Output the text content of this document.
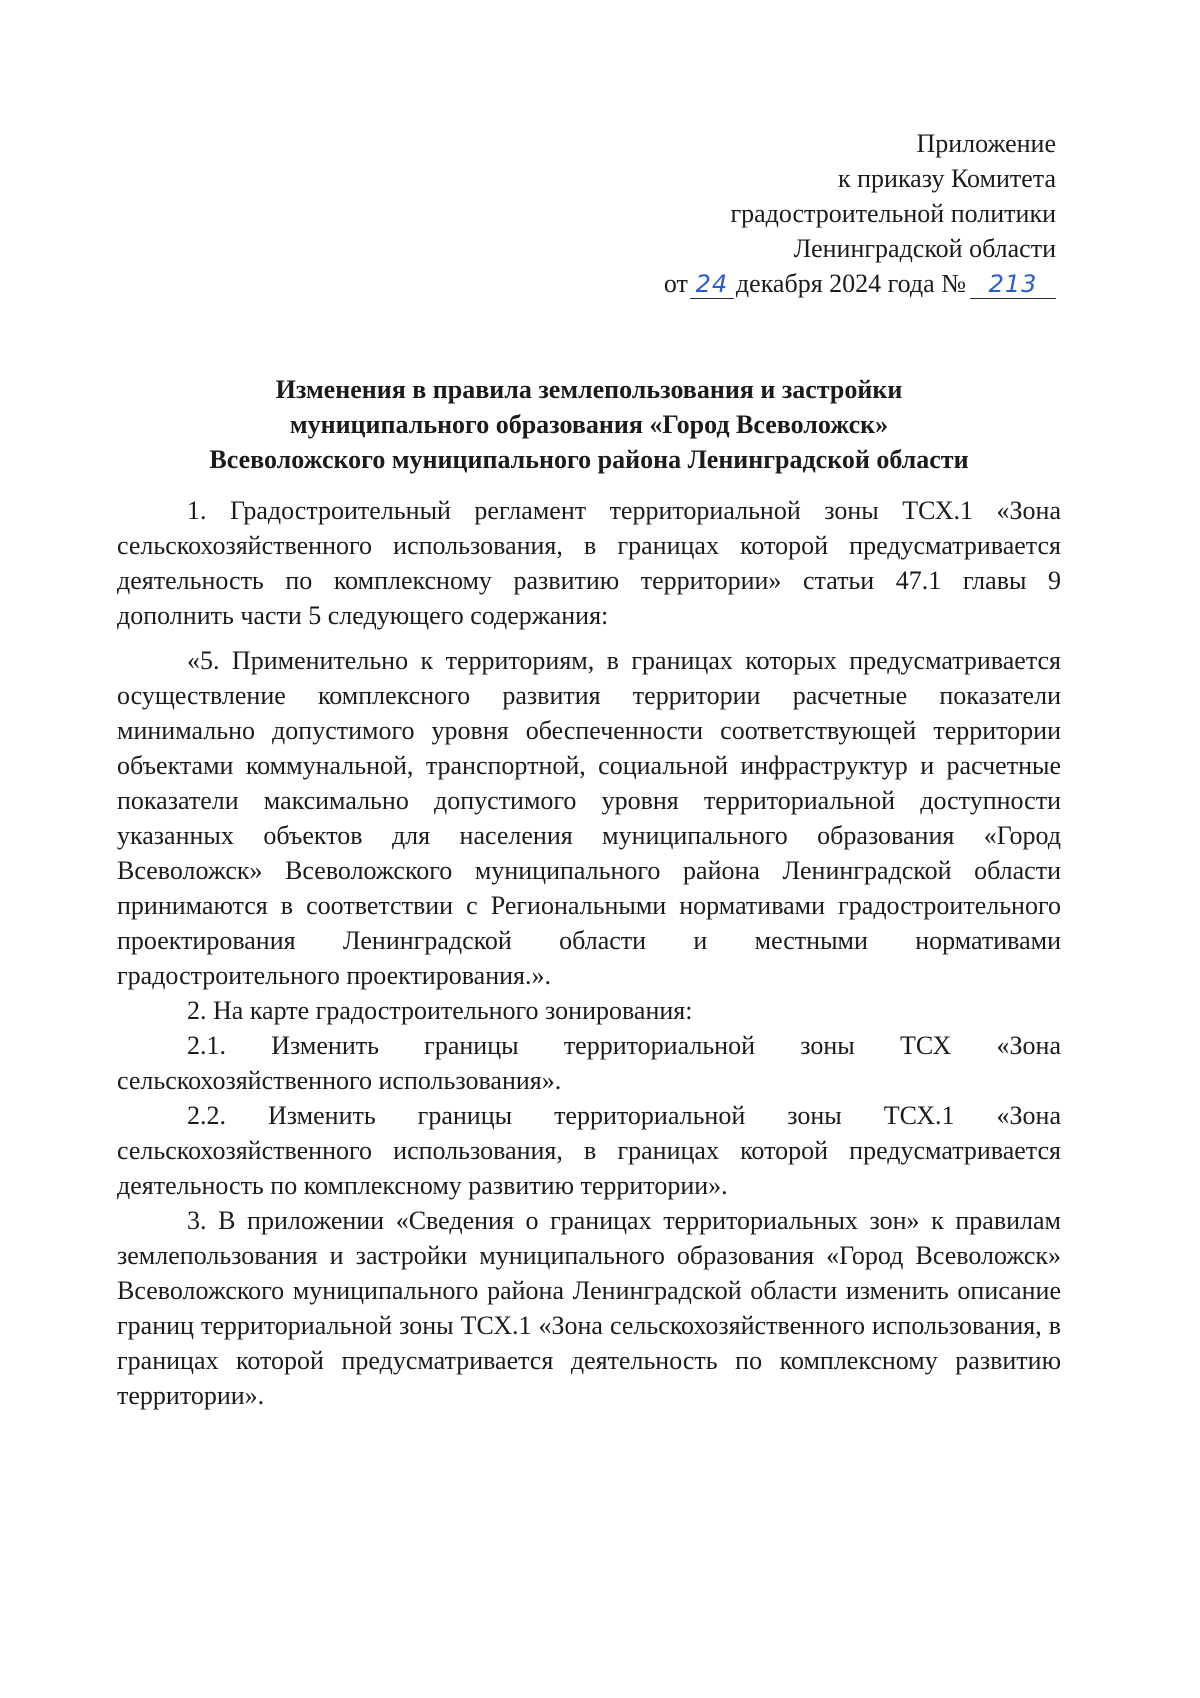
Приложение
к приказу Комитета
градостроительной политики
Ленинградской области
от 24 декабря 2024 года № 213
Изменения в правила землепользования и застройки
муниципального образования «Город Всеволожск»
Всеволожского муниципального района Ленинградской области

1. Градостроительный регламент территориальной зоны ТСХ.1 «Зона сельскохозяйственного использования, в границах которой предусматривается деятельность по комплексному развитию территории» статьи 47.1 главы 9 дополнить части 5 следующего содержания:

«5. Применительно к территориям, в границах которых предусматривается осуществление комплексного развития территории расчетные показатели минимально допустимого уровня обеспеченности соответствующей территории объектами коммунальной, транспортной, социальной инфраструктур и расчетные показатели максимально допустимого уровня территориальной доступности указанных объектов для населения муниципального образования «Город Всеволожск» Всеволожского муниципального района Ленинградской области принимаются в соответствии с Региональными нормативами градостроительного проектирования Ленинградской области и местными нормативами градостроительного проектирования.».

2. На карте градостроительного зонирования:

2.1. Изменить границы территориальной зоны ТСХ «Зона сельскохозяйственного использования».

2.2. Изменить границы территориальной зоны ТСХ.1 «Зона сельскохозяйственного использования, в границах которой предусматривается деятельность по комплексному развитию территории».

3. В приложении «Сведения о границах территориальных зон» к правилам землепользования и застройки муниципального образования «Город Всеволожск» Всеволожского муниципального района Ленинградской области изменить описание границ территориальной зоны ТСХ.1 «Зона сельскохозяйственного использования, в границах которой предусматривается деятельность по комплексному развитию территории».
